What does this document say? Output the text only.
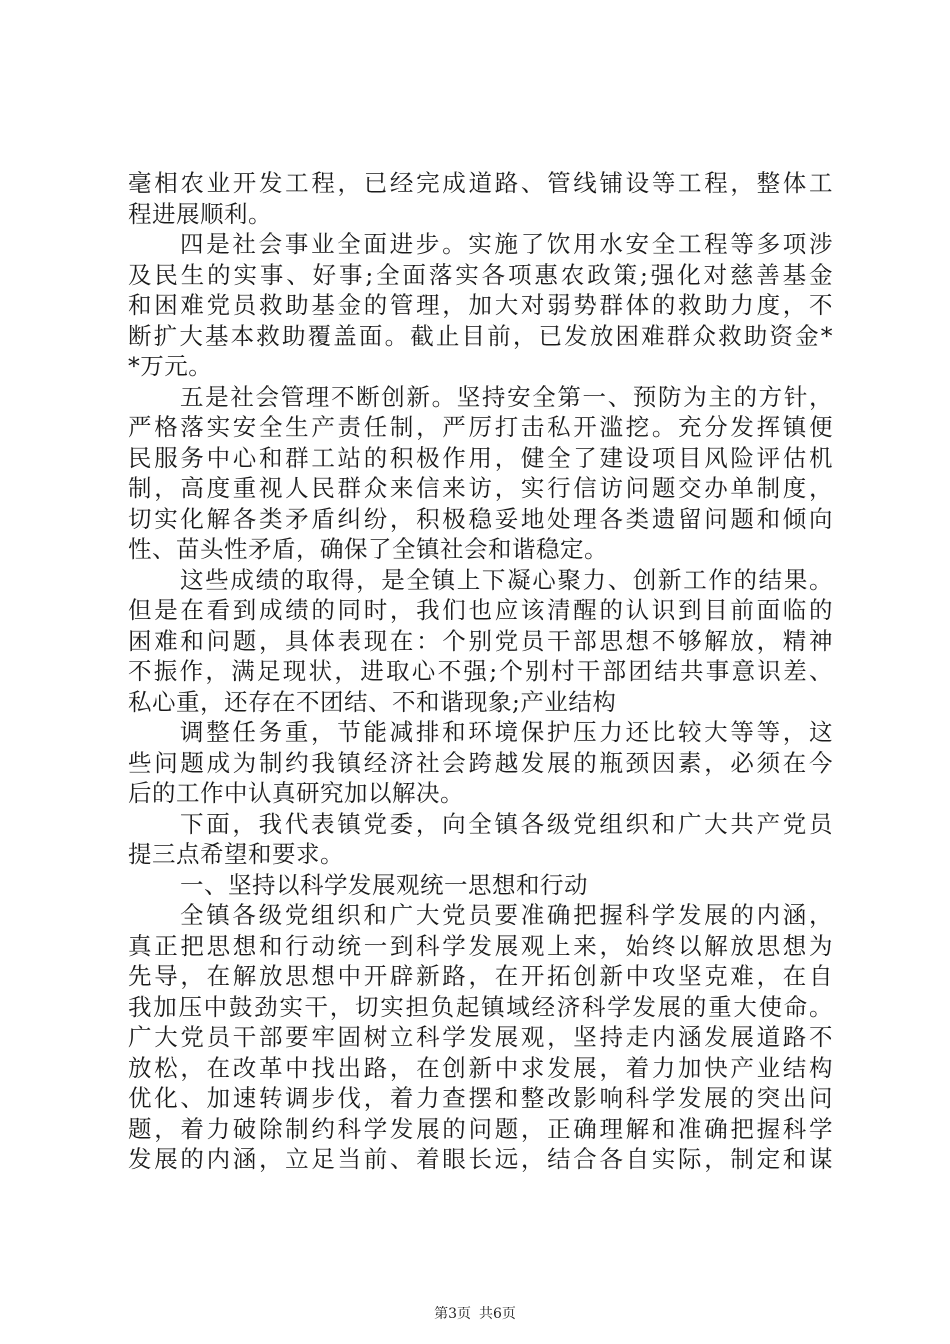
毫相农业开发工程，已经完成道路、管线铺设等工程，整体工
程进展顺利。
四是社会事业全面进步。实施了饮用水安全工程等多项涉
及民生的实事、好事;全面落实各项惠农政策;强化对慈善基金
和困难党员救助基金的管理，加大对弱势群体的救助力度，不
断扩大基本救助覆盖面。截止目前，已发放困难群众救助资金*
*万元。
五是社会管理不断创新。坚持安全第一、预防为主的方针，
严格落实安全生产责任制，严厉打击私开滥挖。充分发挥镇便
民服务中心和群工站的积极作用，健全了建设项目风险评估机
制，高度重视人民群众来信来访，实行信访问题交办单制度，
切实化解各类矛盾纠纷，积极稳妥地处理各类遗留问题和倾向
性、苗头性矛盾，确保了全镇社会和谐稳定。
这些成绩的取得，是全镇上下凝心聚力、创新工作的结果。
但是在看到成绩的同时，我们也应该清醒的认识到目前面临的
困难和问题，具体表现在：个别党员干部思想不够解放，精神
不振作，满足现状，进取心不强;个别村干部团结共事意识差、
私心重，还存在不团结、不和谐现象;产业结构
调整任务重，节能减排和环境保护压力还比较大等等，这
些问题成为制约我镇经济社会跨越发展的瓶颈因素，必须在今
后的工作中认真研究加以解决。
下面，我代表镇党委，向全镇各级党组织和广大共产党员
提三点希望和要求。
一、坚持以科学发展观统一思想和行动
全镇各级党组织和广大党员要准确把握科学发展的内涵，
真正把思想和行动统一到科学发展观上来，始终以解放思想为
先导，在解放思想中开辟新路，在开拓创新中攻坚克难，在自
我加压中鼓劲实干，切实担负起镇域经济科学发展的重大使命。
广大党员干部要牢固树立科学发展观，坚持走内涵发展道路不
放松，在改革中找出路，在创新中求发展，着力加快产业结构
优化、加速转调步伐，着力查摆和整改影响科学发展的突出问
题，着力破除制约科学发展的问题，正确理解和准确把握科学
发展的内涵，立足当前、着眼长远，结合各自实际，制定和谋
第3页 共6页
